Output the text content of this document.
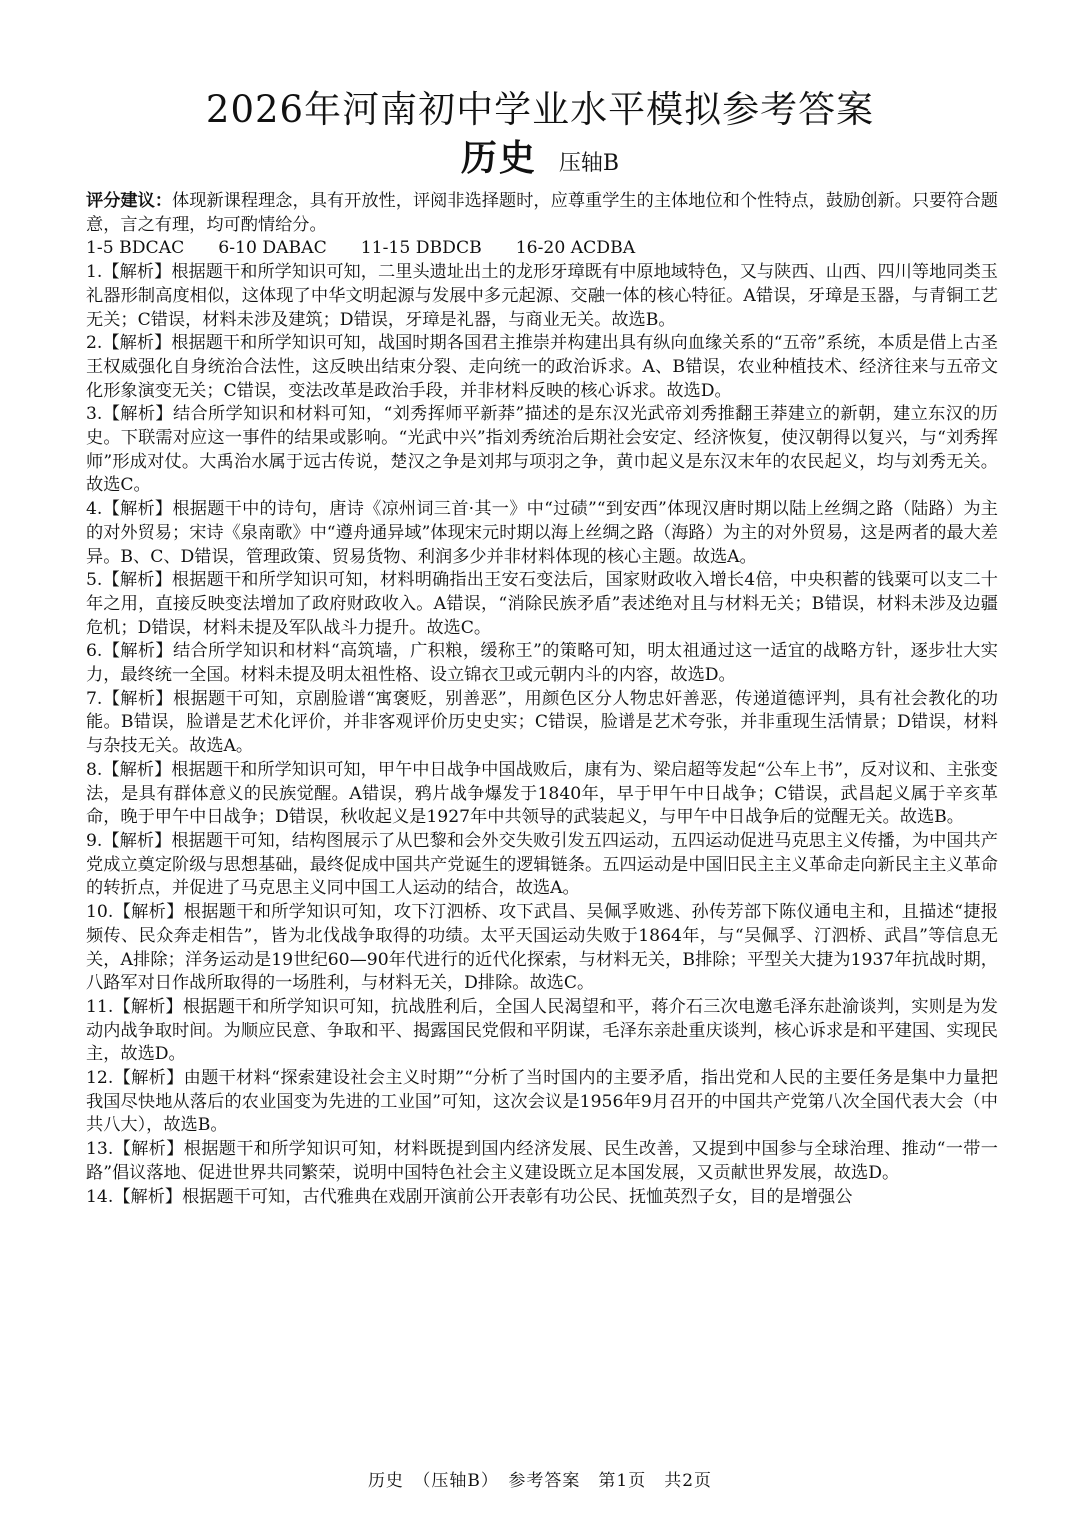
2026年河南初中学业水平模拟参考答案
历史 压轴B

评分建议：体现新课程理念，具有开放性，评阅非选择题时，应尊重学生的主体地位和个性特点，鼓励创新。只要符合题意，言之有理，均可酌情给分。

1-5 BDCAC 6-10 DABAC 11-15 DBDCB 16-20 ACDBA

1.【解析】根据题干和所学知识可知，二里头遗址出土的龙形牙璋既有中原地域特色，又与陕西、山西、四川等地同类玉礼器形制高度相似，这体现了中华文明起源与发展中多元起源、交融一体的核心特征。A错误，牙璋是玉器，与青铜工艺无关；C错误，材料未涉及建筑；D错误，牙璋是礼器，与商业无关。故选B。

2.【解析】根据题干和所学知识可知，战国时期各国君主推崇并构建出具有纵向血缘关系的“五帝”系统，本质是借上古圣王权威强化自身统治合法性，这反映出结束分裂、走向统一的政治诉求。A、B错误，农业种植技术、经济往来与五帝文化形象演变无关；C错误，变法改革是政治手段，并非材料反映的核心诉求。故选D。

3.【解析】结合所学知识和材料可知，“刘秀挥师平新莽”描述的是东汉光武帝刘秀推翻王莽建立的新朝，建立东汉的历史。下联需对应这一事件的结果或影响。“光武中兴”指刘秀统治后期社会安定、经济恢复，使汉朝得以复兴，与“刘秀挥师”形成对仗。大禹治水属于远古传说，楚汉之争是刘邦与项羽之争，黄巾起义是东汉末年的农民起义，均与刘秀无关。故选C。

4.【解析】根据题干中的诗句，唐诗《凉州词三首·其一》中“过碛”“到安西”体现汉唐时期以陆上丝绸之路（陆路）为主的对外贸易；宋诗《泉南歌》中“遵舟通异域”体现宋元时期以海上丝绸之路（海路）为主的对外贸易，这是两者的最大差异。B、C、D错误，管理政策、贸易货物、利润多少并非材料体现的核心主题。故选A。

5.【解析】根据题干和所学知识可知，材料明确指出王安石变法后，国家财政收入增长4倍，中央积蓄的钱粟可以支二十年之用，直接反映变法增加了政府财政收入。A错误，“消除民族矛盾”表述绝对且与材料无关；B错误，材料未涉及边疆危机；D错误，材料未提及军队战斗力提升。故选C。

6.【解析】结合所学知识和材料“高筑墙，广积粮，缓称王”的策略可知，明太祖通过这一适宜的战略方针，逐步壮大实力，最终统一全国。材料未提及明太祖性格、设立锦衣卫或元朝内斗的内容，故选D。

7.【解析】根据题干可知，京剧脸谱“寓褒贬，别善恶”，用颜色区分人物忠奸善恶，传递道德评判，具有社会教化的功能。B错误，脸谱是艺术化评价，并非客观评价历史史实；C错误，脸谱是艺术夸张，并非重现生活情景；D错误，材料与杂技无关。故选A。

8.【解析】根据题干和所学知识可知，甲午中日战争中国战败后，康有为、梁启超等发起“公车上书”，反对议和、主张变法，是具有群体意义的民族觉醒。A错误，鸦片战争爆发于1840年，早于甲午中日战争；C错误，武昌起义属于辛亥革命，晚于甲午中日战争；D错误，秋收起义是1927年中共领导的武装起义，与甲午中日战争后的觉醒无关。故选B。

9.【解析】根据题干可知，结构图展示了从巴黎和会外交失败引发五四运动，五四运动促进马克思主义传播，为中国共产党成立奠定阶级与思想基础，最终促成中国共产党诞生的逻辑链条。五四运动是中国旧民主主义革命走向新民主主义革命的转折点，并促进了马克思主义同中国工人运动的结合，故选A。

10.【解析】根据题干和所学知识可知，攻下汀泗桥、攻下武昌、吴佩孚败逃、孙传芳部下陈仪通电主和，且描述“捷报频传、民众奔走相告”，皆为北伐战争取得的功绩。太平天国运动失败于1864年，与“吴佩孚、汀泗桥、武昌”等信息无关，A排除；洋务运动是19世纪60—90年代进行的近代化探索，与材料无关，B排除；平型关大捷为1937年抗战时期，八路军对日作战所取得的一场胜利，与材料无关，D排除。故选C。

11.【解析】根据题干和所学知识可知，抗战胜利后，全国人民渴望和平，蒋介石三次电邀毛泽东赴渝谈判，实则是为发动内战争取时间。为顺应民意、争取和平、揭露国民党假和平阴谋，毛泽东亲赴重庆谈判，核心诉求是和平建国、实现民主，故选D。

12.【解析】由题干材料“探索建设社会主义时期”“分析了当时国内的主要矛盾，指出党和人民的主要任务是集中力量把我国尽快地从落后的农业国变为先进的工业国”可知，这次会议是1956年9月召开的中国共产党第八次全国代表大会（中共八大），故选B。

13.【解析】根据题干和所学知识可知，材料既提到国内经济发展、民生改善，又提到中国参与全球治理、推动“一带一路”倡议落地、促进世界共同繁荣，说明中国特色社会主义建设既立足本国发展，又贡献世界发展，故选D。

14.【解析】根据题干可知，古代雅典在戏剧开演前公开表彰有功公民、抚恤英烈子女，目的是增强公

历史　（压轴B）　参考答案　第1页　共2页
